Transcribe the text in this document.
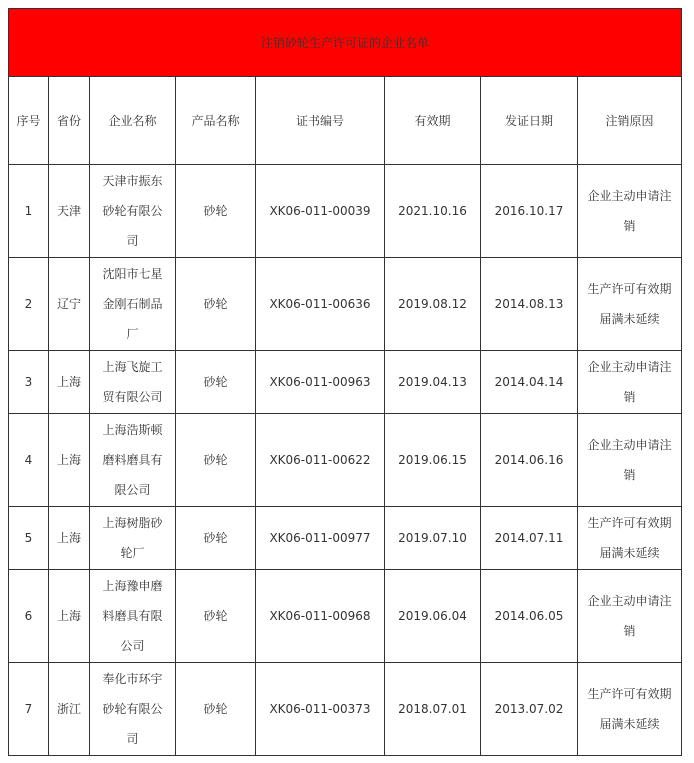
注销砂轮生产许可证的企业名单							
序号	省份	企业名称	产品名称	证书编号	有效期	发证日期	注销原因
1	天津	天津市振东砂轮有限公司	砂轮	XK06-011-00039	2021.10.16	2016.10.17	企业主动申请注销

2	辽宁	沈阳市七星金刚石制品厂	砂轮	XK06-011-00636	2019.08.12	2014.08.13	生产许可有效期届满未延续

3	上海	上海飞旋工贸有限公司	砂轮	XK06-011-00963	2019.04.13	2014.04.14	企业主动申请注销

4	上海	上海浩斯顿磨料磨具有限公司	砂轮	XK06-011-00622	2019.06.15	2014.06.16	企业主动申请注销

5	上海	上海树脂砂轮厂	砂轮	XK06-011-00977	2019.07.10	2014.07.11	生产许可有效期届满未延续

6	上海	上海豫申磨料磨具有限公司	砂轮	XK06-011-00968	2019.06.04	2014.06.05	企业主动申请注销

7	浙江	奉化市环宇砂轮有限公司	砂轮	XK06-011-00373	2018.07.01	2013.07.02	生产许可有效期届满未延续
